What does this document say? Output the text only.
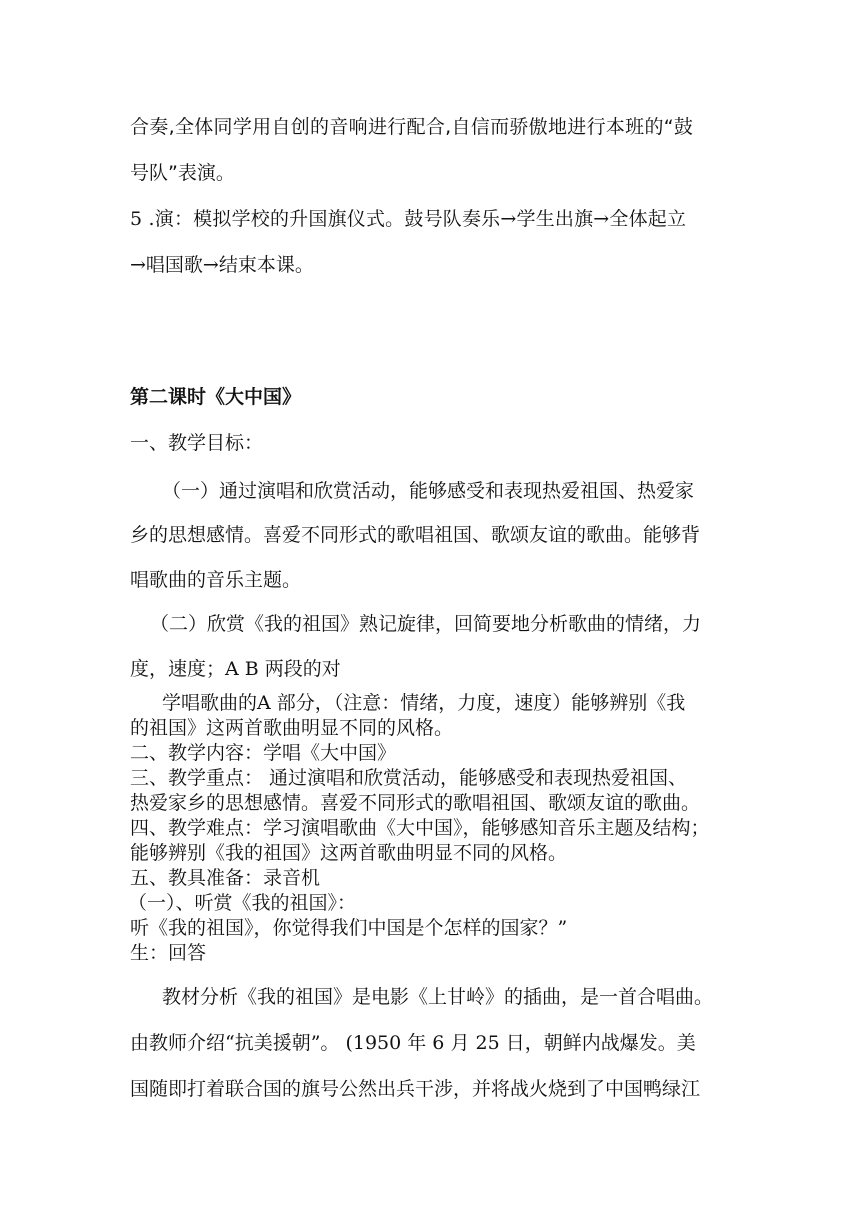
合奏,全体同学用自创的音响进行配合,自信而骄傲地进行本班的“鼓
号队”表演。
5 .演：模拟学校的升国旗仪式。鼓号队奏乐→学生出旗→全体起立
→唱国歌→结束本课。
第二课时《大中国》
一、教学目标：
（一）通过演唱和欣赏活动，能够感受和表现热爱祖国、热爱家
乡的思想感情。喜爱不同形式的歌唱祖国、歌颂友谊的歌曲。能够背
唱歌曲的音乐主题。
（二）欣赏《我的祖国》熟记旋律，回简要地分析歌曲的情绪，力
度，速度；A B 两段的对
学唱歌曲的A 部分，（注意：情绪，力度，速度）能够辨别《我
的祖国》这两首歌曲明显不同的风格。
二、教学内容：学唱《大中国》
三、教学重点： 通过演唱和欣赏活动，能够感受和表现热爱祖国、
热爱家乡的思想感情。喜爱不同形式的歌唱祖国、歌颂友谊的歌曲。
四、教学难点：学习演唱歌曲《大中国》，能够感知音乐主题及结构；
能够辨别《我的祖国》这两首歌曲明显不同的风格。
五、教具准备：录音机
（一）、听赏《我的祖国》：
听《我的祖国》，你觉得我们中国是个怎样的国家？”
生：回答
教材分析《我的祖国》是电影《上甘岭》的插曲，是一首合唱曲。
由教师介绍“抗美援朝”。 (1950 年 6 月 25 日，朝鲜内战爆发。美
国随即打着联合国的旗号公然出兵干涉，并将战火烧到了中国鸭绿江
